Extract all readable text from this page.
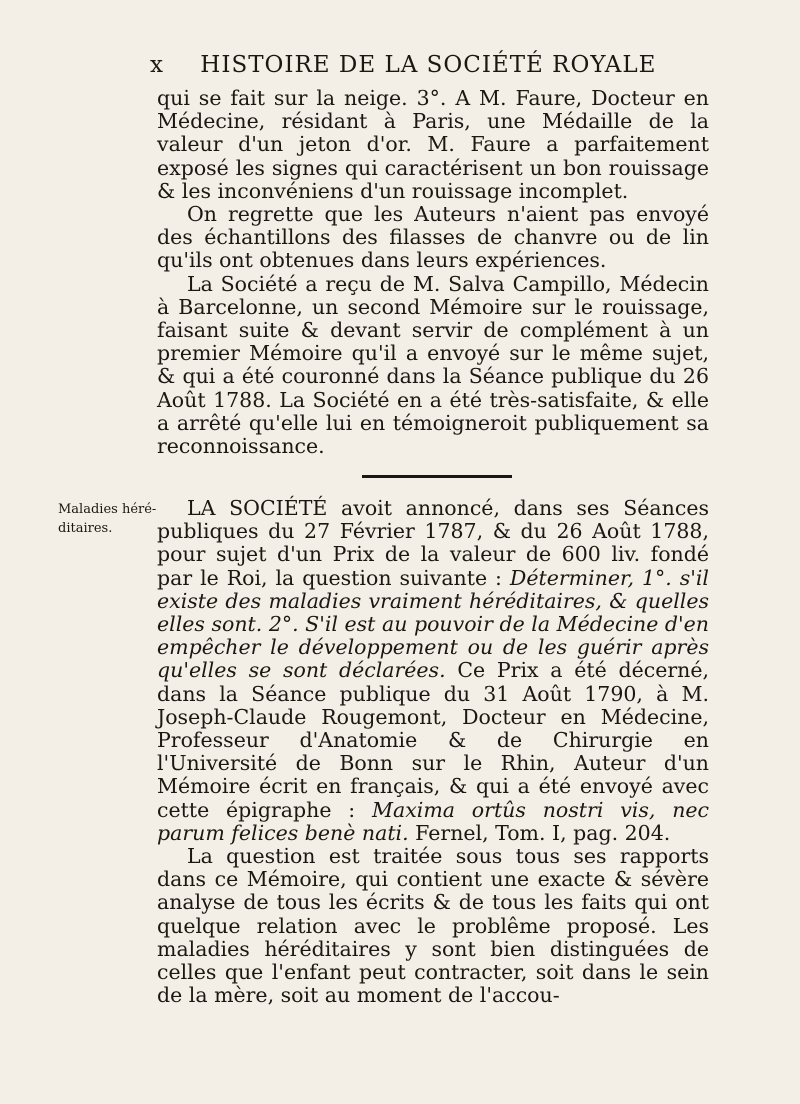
x HISTOIRE DE LA SOCIÉTÉ ROYALE

qui se fait sur la neige. 3°. A M. Faure, Docteur en Médecine, résidant à Paris, une Médaille de la valeur d'un jeton d'or. M. Faure a parfaitement exposé les signes qui caractérisent un bon rouissage & les inconvéniens d'un rouissage incomplet.

On regrette que les Auteurs n'aient pas envoyé des échantillons des filasses de chanvre ou de lin qu'ils ont obtenues dans leurs expériences.

La Société a reçu de M. Salva Campillo, Médecin à Barcelonne, un second Mémoire sur le rouissage, faisant suite & devant servir de complément à un premier Mémoire qu'il a envoyé sur le même sujet, & qui a été couronné dans la Séance publique du 26 Août 1788. La Société en a été très-satisfaite, & elle a arrêté qu'elle lui en témoigneroit publiquement sa reconnoissance.

Maladies héré-ditaires.

LA SOCIÉTÉ avoit annoncé, dans ses Séances publiques du 27 Février 1787, & du 26 Août 1788, pour sujet d'un Prix de la valeur de 600 liv. fondé par le Roi, la question suivante : Déterminer, 1°. s'il existe des maladies vraiment héréditaires, & quelles elles sont. 2°. S'il est au pouvoir de la Médecine d'en empêcher le développement ou de les guérir après qu'elles se sont déclarées. Ce Prix a été décerné, dans la Séance publique du 31 Août 1790, à M. Joseph-Claude Rougemont, Docteur en Médecine, Professeur d'Anatomie & de Chirurgie en l'Université de Bonn sur le Rhin, Auteur d'un Mémoire écrit en français, & qui a été envoyé avec cette épigraphe : Maxima ortûs nostri vis, nec parum felices benè nati. Fernel, Tom. I, pag. 204.

La question est traitée sous tous ses rapports dans ce Mémoire, qui contient une exacte & sévère analyse de tous les écrits & de tous les faits qui ont quelque relation avec le problême proposé. Les maladies héréditaires y sont bien distinguées de celles que l'enfant peut contracter, soit dans le sein de la mère, soit au moment de l'accou-
